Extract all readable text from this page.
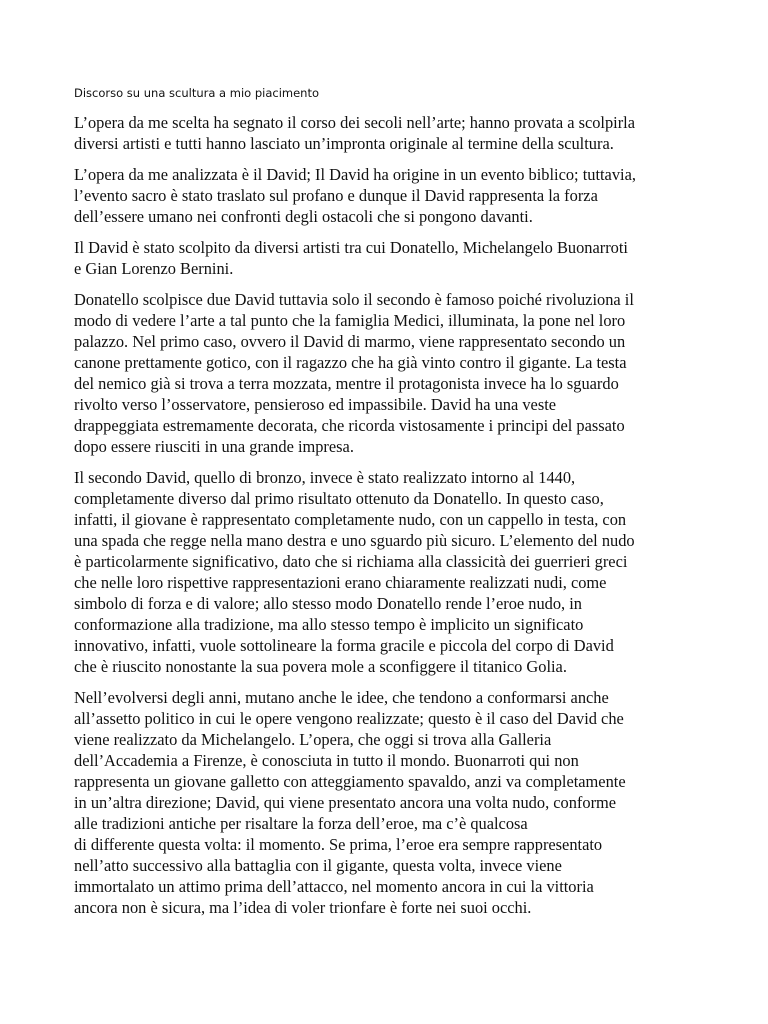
Discorso su una scultura a mio piacimento

L’opera da me scelta ha segnato il corso dei secoli nell’arte; hanno provata a scolpirla
diversi artisti e tutti hanno lasciato un’impronta originale al termine della scultura.

L’opera da me analizzata è il David; Il David ha origine in un evento biblico; tuttavia,
l’evento sacro è stato traslato sul profano e dunque il David rappresenta la forza
dell’essere umano nei confronti degli ostacoli che si pongono davanti.

Il David è stato scolpito da diversi artisti tra cui Donatello, Michelangelo Buonarroti
e Gian Lorenzo Bernini.

Donatello scolpisce due David tuttavia solo il secondo è famoso poiché rivoluziona il
modo di vedere l’arte a tal punto che la famiglia Medici, illuminata, la pone nel loro
palazzo. Nel primo caso, ovvero il David di marmo, viene rappresentato secondo un
canone prettamente gotico, con il ragazzo che ha già vinto contro il gigante. La testa
del nemico già si trova a terra mozzata, mentre il protagonista invece ha lo sguardo
rivolto verso l’osservatore, pensieroso ed impassibile. David ha una veste
drappeggiata estremamente decorata, che ricorda vistosamente i principi del passato
dopo essere riusciti in una grande impresa.

Il secondo David, quello di bronzo, invece è stato realizzato intorno al 1440,
completamente diverso dal primo risultato ottenuto da Donatello. In questo caso,
infatti, il giovane è rappresentato completamente nudo, con un cappello in testa, con
una spada che regge nella mano destra e uno sguardo più sicuro. L’elemento del nudo
è particolarmente significativo, dato che si richiama alla classicità dei guerrieri greci
che nelle loro rispettive rappresentazioni erano chiaramente realizzati nudi, come
simbolo di forza e di valore; allo stesso modo Donatello rende l’eroe nudo, in
conformazione alla tradizione, ma allo stesso tempo è implicito un significato
innovativo, infatti, vuole sottolineare la forma gracile e piccola del corpo di David
che è riuscito nonostante la sua povera mole a sconfiggere il titanico Golia.

Nell’evolversi degli anni, mutano anche le idee, che tendono a conformarsi anche
all’assetto politico in cui le opere vengono realizzate; questo è il caso del David che
viene realizzato da Michelangelo. L’opera, che oggi si trova alla Galleria
dell’Accademia a Firenze, è conosciuta in tutto il mondo. Buonarroti qui non
rappresenta un giovane galletto con atteggiamento spavaldo, anzi va completamente
in un’altra direzione; David, qui viene presentato ancora una volta nudo, conforme
alle tradizioni antiche per risaltare la forza dell’eroe, ma c’è qualcosa
di differente questa volta: il momento. Se prima, l’eroe era sempre rappresentato
nell’atto successivo alla battaglia con il gigante, questa volta, invece viene
immortalato un attimo prima dell’attacco, nel momento ancora in cui la vittoria
ancora non è sicura, ma l’idea di voler trionfare è forte nei suoi occhi.
